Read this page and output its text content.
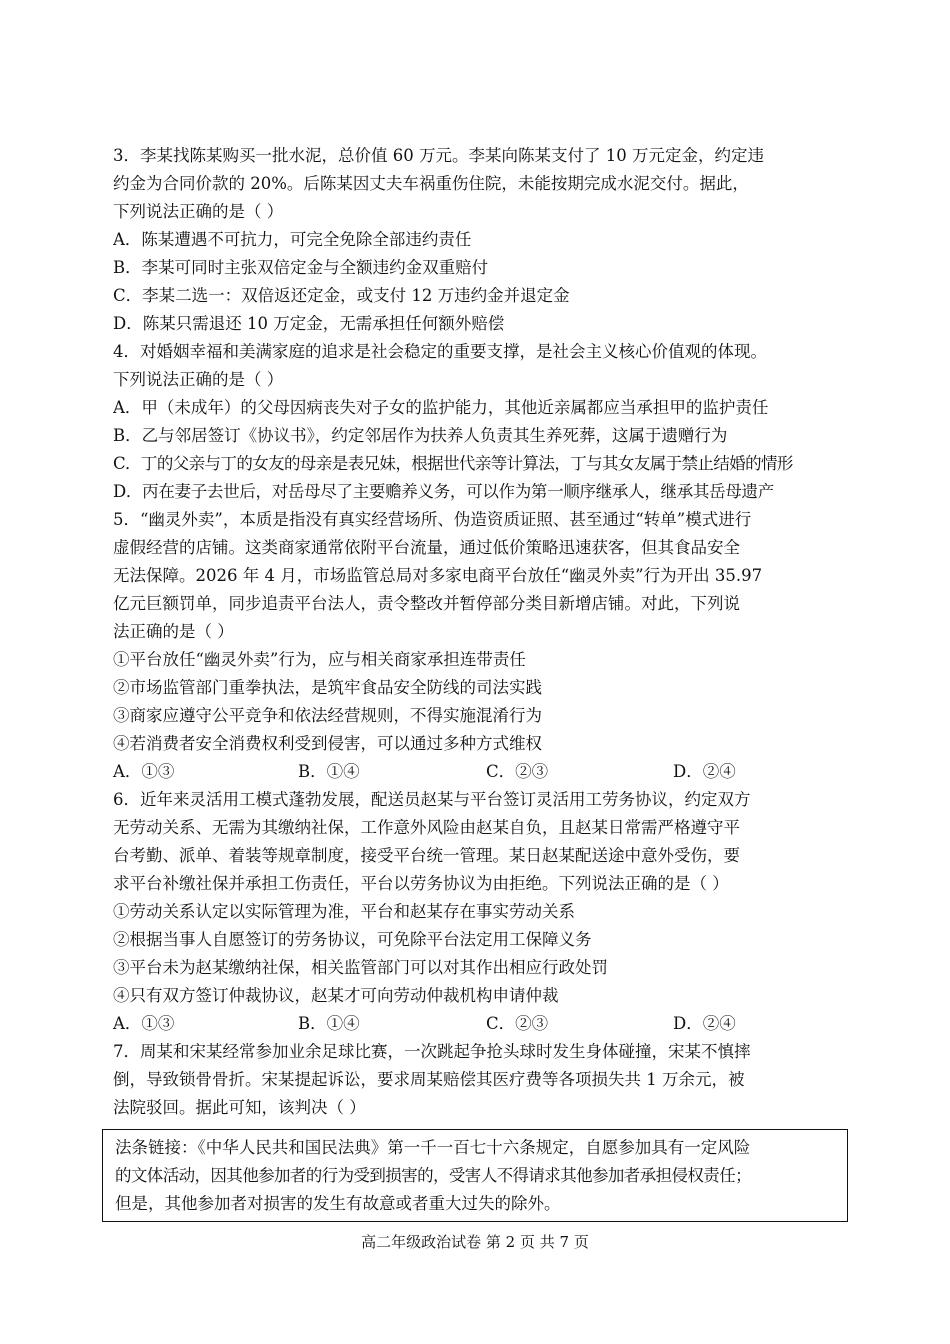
3．李某找陈某购买一批水泥，总价值 60 万元。李某向陈某支付了 10 万元定金，约定违
约金为合同价款的 20%。后陈某因丈夫车祸重伤住院，未能按期完成水泥交付。据此，
下列说法正确的是（ ）
A．陈某遭遇不可抗力，可完全免除全部违约责任
B．李某可同时主张双倍定金与全额违约金双重赔付
C．李某二选一：双倍返还定金，或支付 12 万违约金并退定金
D．陈某只需退还 10 万定金，无需承担任何额外赔偿
4．对婚姻幸福和美满家庭的追求是社会稳定的重要支撑，是社会主义核心价值观的体现。
下列说法正确的是（ ）
A．甲（未成年）的父母因病丧失对子女的监护能力，其他近亲属都应当承担甲的监护责任
B．乙与邻居签订《协议书》，约定邻居作为扶养人负责其生养死葬，这属于遗赠行为
C．丁的父亲与丁的女友的母亲是表兄妹，根据世代亲等计算法，丁与其女友属于禁止结婚的情形
D．丙在妻子去世后，对岳母尽了主要赡养义务，可以作为第一顺序继承人，继承其岳母遗产
5．“幽灵外卖”，本质是指没有真实经营场所、伪造资质证照、甚至通过“转单”模式进行
虚假经营的店铺。这类商家通常依附平台流量，通过低价策略迅速获客，但其食品安全
无法保障。2026 年 4 月，市场监管总局对多家电商平台放任“幽灵外卖”行为开出 35.97
亿元巨额罚单，同步追责平台法人，责令整改并暂停部分类目新增店铺。对此，下列说
法正确的是（ ）
①平台放任“幽灵外卖”行为，应与相关商家承担连带责任
②市场监管部门重拳执法，是筑牢食品安全防线的司法实践
③商家应遵守公平竞争和依法经营规则，不得实施混淆行为
④若消费者安全消费权利受到侵害，可以通过多种方式维权
A．①③	B．①④	C．②③	D．②④
6．近年来灵活用工模式蓬勃发展，配送员赵某与平台签订灵活用工劳务协议，约定双方
无劳动关系、无需为其缴纳社保，工作意外风险由赵某自负，且赵某日常需严格遵守平
台考勤、派单、着装等规章制度，接受平台统一管理。某日赵某配送途中意外受伤，要
求平台补缴社保并承担工伤责任，平台以劳务协议为由拒绝。下列说法正确的是（ ）
①劳动关系认定以实际管理为准，平台和赵某存在事实劳动关系
②根据当事人自愿签订的劳务协议，可免除平台法定用工保障义务
③平台未为赵某缴纳社保，相关监管部门可以对其作出相应行政处罚
④只有双方签订仲裁协议，赵某才可向劳动仲裁机构申请仲裁
A．①③	B．①④	C．②③	D．②④
7．周某和宋某经常参加业余足球比赛，一次跳起争抢头球时发生身体碰撞，宋某不慎摔
倒，导致锁骨骨折。宋某提起诉讼，要求周某赔偿其医疗费等各项损失共 1 万余元，被
法院驳回。据此可知，该判决（ ）
法条链接：《中华人民共和国民法典》第一千一百七十六条规定，自愿参加具有一定风险
的文体活动，因其他参加者的行为受到损害的，受害人不得请求其他参加者承担侵权责任；
但是，其他参加者对损害的发生有故意或者重大过失的除外。
高二年级政治试卷 第 2 页 共 7 页
